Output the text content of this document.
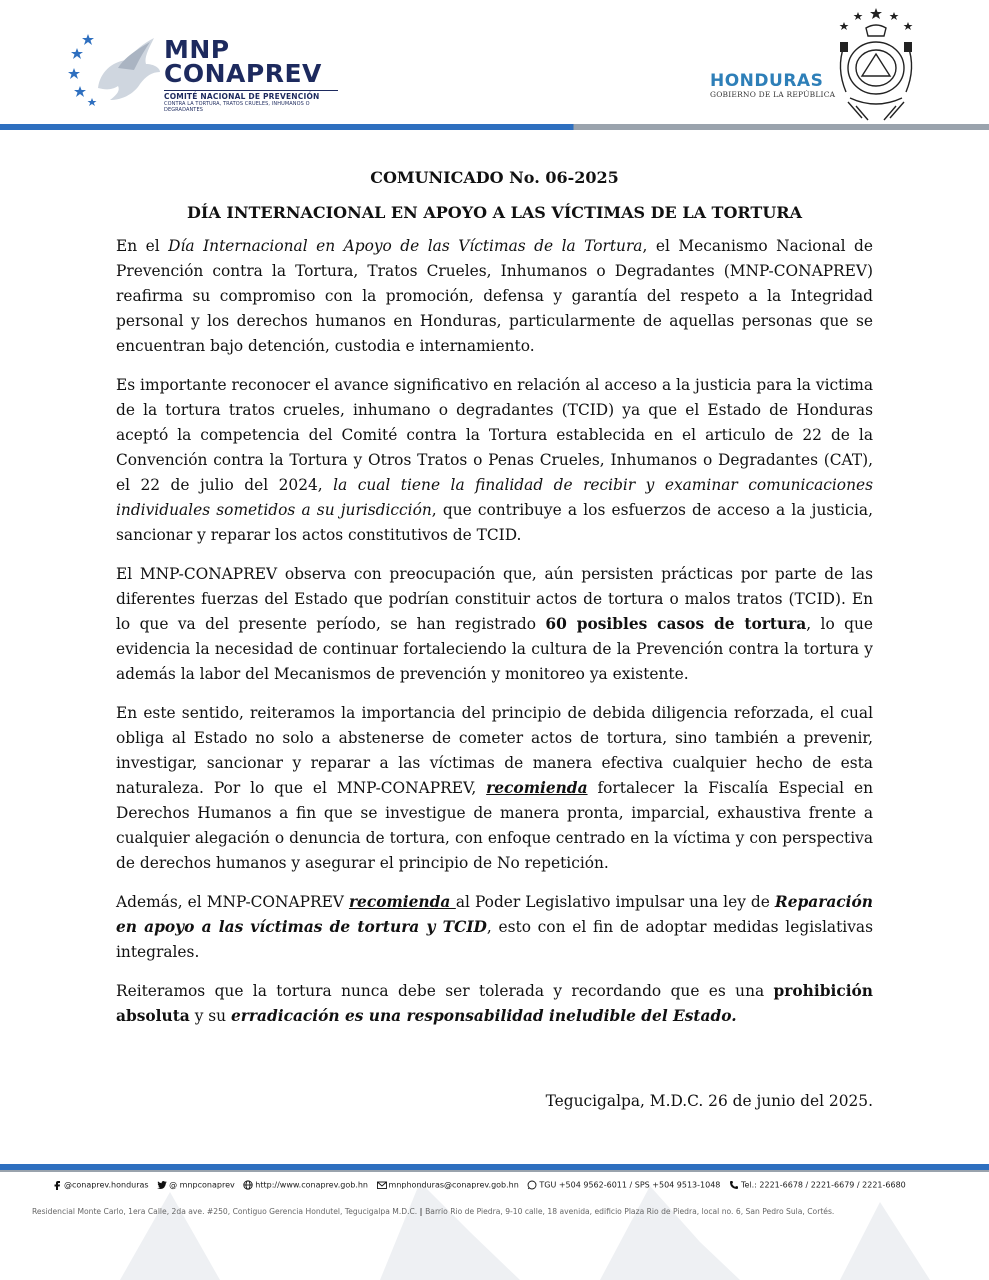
MNP
CONAPREV
COMITÉ NACIONAL DE PREVENCIÓN
CONTRA LA TORTURA, TRATOS CRUELES, INHUMANOS O DEGRADANTES
HONDURAS
GOBIERNO DE LA REPÚBLICA

COMUNICADO No. 06-2025

DÍA INTERNACIONAL EN APOYO A LAS VÍCTIMAS DE LA TORTURA

En el Día Internacional en Apoyo de las Víctimas de la Tortura, el Mecanismo Nacional de Prevención contra la Tortura, Tratos Crueles, Inhumanos o Degradantes (MNP-CONAPREV) reafirma su compromiso con la promoción, defensa y garantía del respeto a la Integridad personal y los derechos humanos en Honduras, particularmente de aquellas personas que se encuentran bajo detención, custodia e internamiento.

Es importante reconocer el avance significativo en relación al acceso a la justicia para la victima de la tortura tratos crueles, inhumano o degradantes (TCID) ya que el Estado de Honduras aceptó la competencia del Comité contra la Tortura establecida en el articulo de 22 de la Convención contra la Tortura y Otros Tratos o Penas Crueles, Inhumanos o Degradantes (CAT), el 22 de julio del 2024, la cual tiene la finalidad de recibir y examinar comunicaciones individuales sometidos a su jurisdicción, que contribuye a los esfuerzos de acceso a la justicia, sancionar y reparar los actos constitutivos de TCID.

El MNP-CONAPREV observa con preocupación que, aún persisten prácticas por parte de las diferentes fuerzas del Estado que podrían constituir actos de tortura o malos tratos (TCID). En lo que va del presente período, se han registrado 60 posibles casos de tortura, lo que evidencia la necesidad de continuar fortaleciendo la cultura de la Prevención contra la tortura y además la labor del Mecanismos de prevención y monitoreo ya existente.

En este sentido, reiteramos la importancia del principio de debida diligencia reforzada, el cual obliga al Estado no solo a abstenerse de cometer actos de tortura, sino también a prevenir, investigar, sancionar y reparar a las víctimas de manera efectiva cualquier hecho de esta naturaleza. Por lo que el MNP-CONAPREV, recomienda fortalecer la Fiscalía Especial en Derechos Humanos a fin que se investigue de manera pronta, imparcial, exhaustiva frente a cualquier alegación o denuncia de tortura, con enfoque centrado en la víctima y con perspectiva de derechos humanos y asegurar el principio de No repetición.

Además, el MNP-CONAPREV recomienda al Poder Legislativo impulsar una ley de Reparación en apoyo a las víctimas de tortura y TCID, esto con el fin de adoptar medidas legislativas integrales.

Reiteramos que la tortura nunca debe ser tolerada y recordando que es una prohibición absoluta y su erradicación es una responsabilidad ineludible del Estado.

Tegucigalpa, M.D.C. 26 de junio del 2025.
@conaprev.honduras	@ mnpconaprev	http://www.conaprev.gob.hn	mnphonduras@conaprev.gob.hn	TGU +504 9562-6011 / SPS +504 9513-1048	Tel.: 2221-6678 / 2221-6679 / 2221-6680
Residencial Monte Carlo, 1era Calle, 2da ave. #250, Contiguo Gerencia Hondutel, Tegucigalpa M.D.C. | Barrio Rio de Piedra, 9-10 calle, 18 avenida, edificio Plaza Rio de Piedra, local no. 6, San Pedro Sula, Cortés.
